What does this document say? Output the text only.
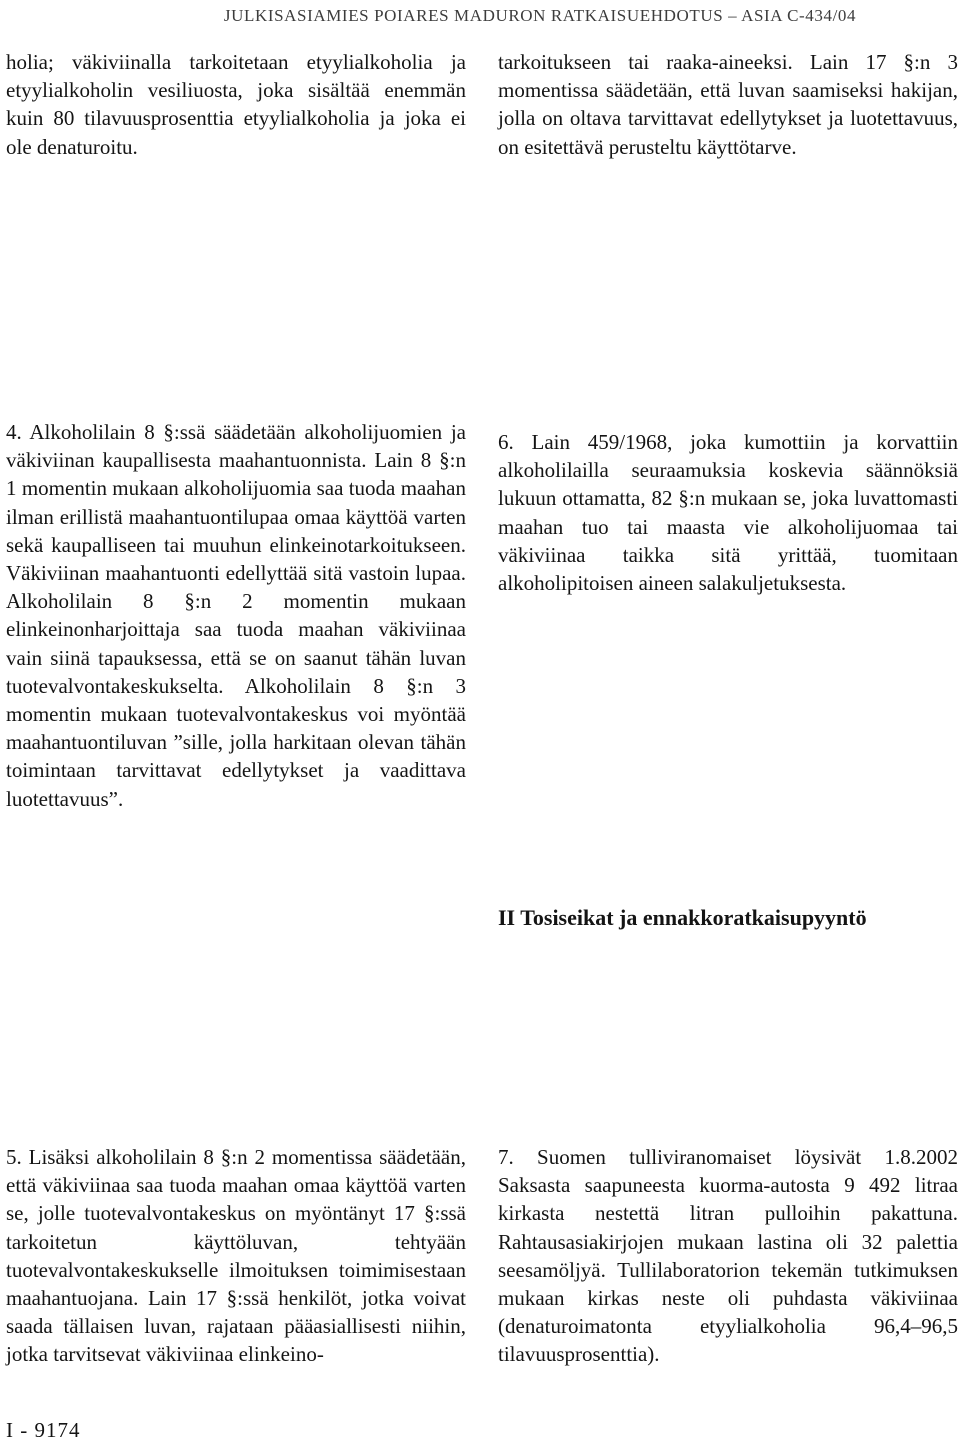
JULKISASIAMIES POIARES MADURON RATKAISUEHDOTUS – ASIA C-434/04

holia; väkiviinalla tarkoitetaan etyylialkoholia ja etyylialkoholin vesiliuosta, joka sisältää enemmän kuin 80 tilavuusprosenttia etyylialkoholia ja joka ei ole denaturoitu.

tarkoitukseen tai raaka-aineeksi. Lain 17 §:n 3 momentissa säädetään, että luvan saamiseksi hakijan, jolla on oltava tarvittavat edellytykset ja luotettavuus, on esitettävä perusteltu käyttötarve.

4. Alkoholilain 8 §:ssä säädetään alkoholijuomien ja väkiviinan kaupallisesta maahantuonnista. Lain 8 §:n 1 momentin mukaan alkoholijuomia saa tuoda maahan ilman erillistä maahantuontilupaa omaa käyttöä varten sekä kaupalliseen tai muuhun elinkeinotarkoitukseen. Väkiviinan maahantuonti edellyttää sitä vastoin lupaa. Alkoholilain 8 §:n 2 momentin mukaan elinkeinonharjoittaja saa tuoda maahan väkiviinaa vain siinä tapauksessa, että se on saanut tähän luvan tuotevalvontakeskukselta. Alkoholilain 8 §:n 3 momentin mukaan tuotevalvontakeskus voi myöntää maahantuontiluvan ”sille, jolla harkitaan olevan tähän toimintaan tarvittavat edellytykset ja vaadittava luotettavuus”.

6. Lain 459/1968, joka kumottiin ja korvattiin alkoholilailla seuraamuksia koskevia säännöksiä lukuun ottamatta, 82 §:n mukaan se, joka luvattomasti maahan tuo tai maasta vie alkoholijuomaa tai väkiviinaa taikka sitä yrittää, tuomitaan alkoholipitoisen aineen salakuljetuksesta.

II Tosiseikat ja ennakkoratkaisupyyntö

5. Lisäksi alkoholilain 8 §:n 2 momentissa säädetään, että väkiviinaa saa tuoda maahan omaa käyttöä varten se, jolle tuotevalvontakeskus on myöntänyt 17 §:ssä tarkoitetun käyttöluvan, tehtyään tuotevalvontakeskukselle ilmoituksen toimimisestaan maahantuojana. Lain 17 §:ssä henkilöt, jotka voivat saada tällaisen luvan, rajataan pääasiallisesti niihin, jotka tarvitsevat väkiviinaa elinkeino-

7. Suomen tulliviranomaiset löysivät 1.8.2002 Saksasta saapuneesta kuorma-autosta 9 492 litraa kirkasta nestettä litran pulloihin pakattuna. Rahtausasiakirjojen mukaan lastina oli 32 palettia seesamöljyä. Tullilaboratorion tekemän tutkimuksen mukaan kirkas neste oli puhdasta väkiviinaa (denaturoimatonta etyylialkoholia 96,4–96,5 tilavuusprosenttia).

I - 9174
